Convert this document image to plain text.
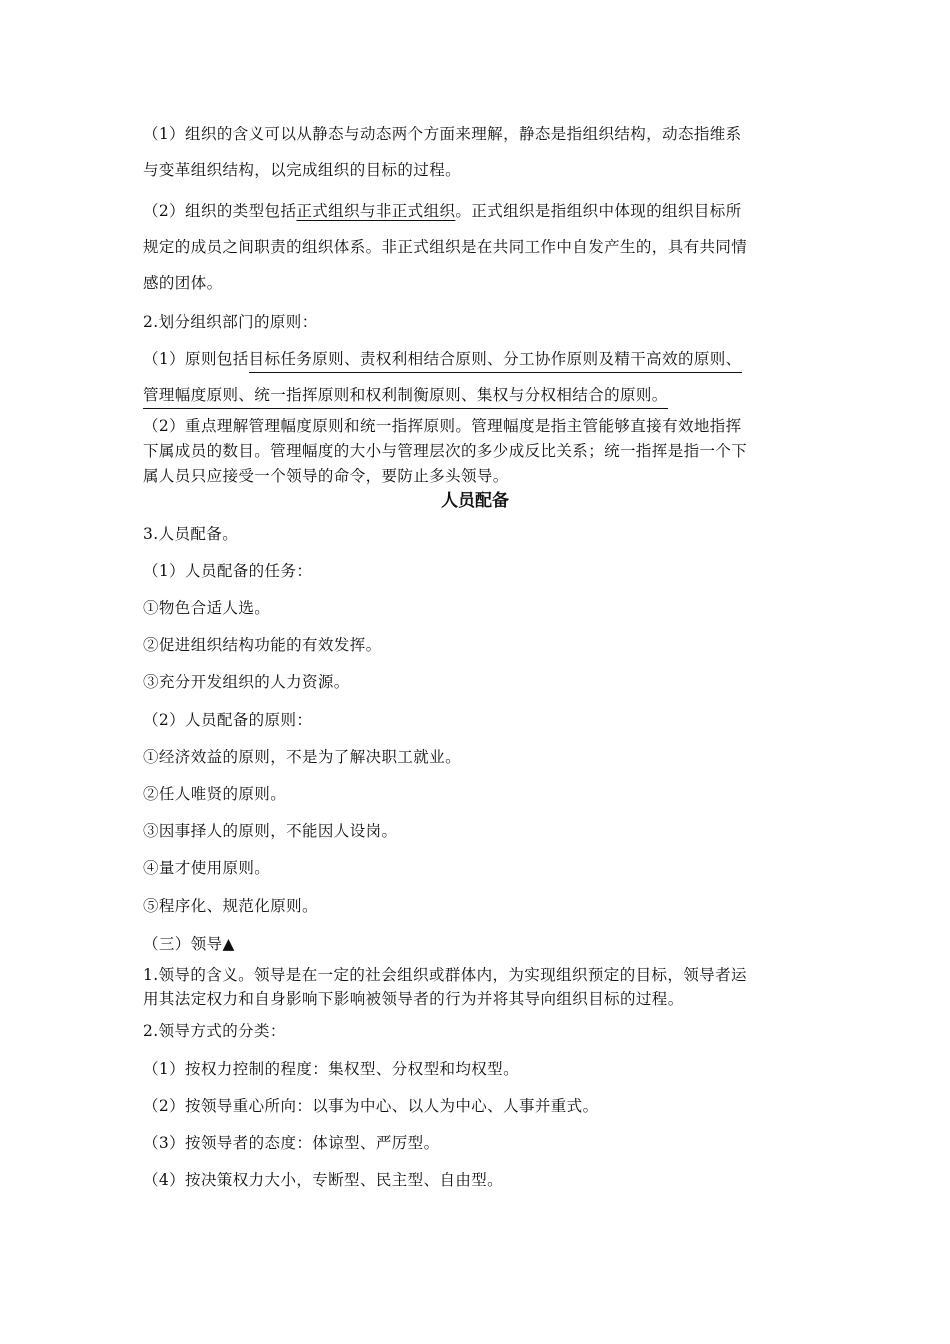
（1）组织的含义可以从静态与动态两个方面来理解，静态是指组织结构，动态指维系
与变革组织结构，以完成组织的目标的过程。
（2）组织的类型包括正式组织与非正式组织。正式组织是指组织中体现的组织目标所
规定的成员之间职责的组织体系。非正式组织是在共同工作中自发产生的，具有共同情
感的团体。
2.划分组织部门的原则：
（1）原则包括目标任务原则、责权利相结合原则、分工协作原则及精干高效的原则、
管理幅度原则、统一指挥原则和权利制衡原则、集权与分权相结合的原则。
（2）重点理解管理幅度原则和统一指挥原则。管理幅度是指主管能够直接有效地指挥
下属成员的数目。管理幅度的大小与管理层次的多少成反比关系；统一指挥是指一个下
属人员只应接受一个领导的命令，要防止多头领导。
人员配备
3.人员配备。
（1）人员配备的任务：
①物色合适人选。
②促进组织结构功能的有效发挥。
③充分开发组织的人力资源。
（2）人员配备的原则：
①经济效益的原则，不是为了解决职工就业。
②任人唯贤的原则。
③因事择人的原则，不能因人设岗。
④量才使用原则。
⑤程序化、规范化原则。
（三）领导▲
1.领导的含义。领导是在一定的社会组织或群体内，为实现组织预定的目标，领导者运
用其法定权力和自身影响下影响被领导者的行为并将其导向组织目标的过程。
2.领导方式的分类：
（1）按权力控制的程度：集权型、分权型和均权型。
（2）按领导重心所向：以事为中心、以人为中心、人事并重式。
（3）按领导者的态度：体谅型、严厉型。
（4）按决策权力大小，专断型、民主型、自由型。
